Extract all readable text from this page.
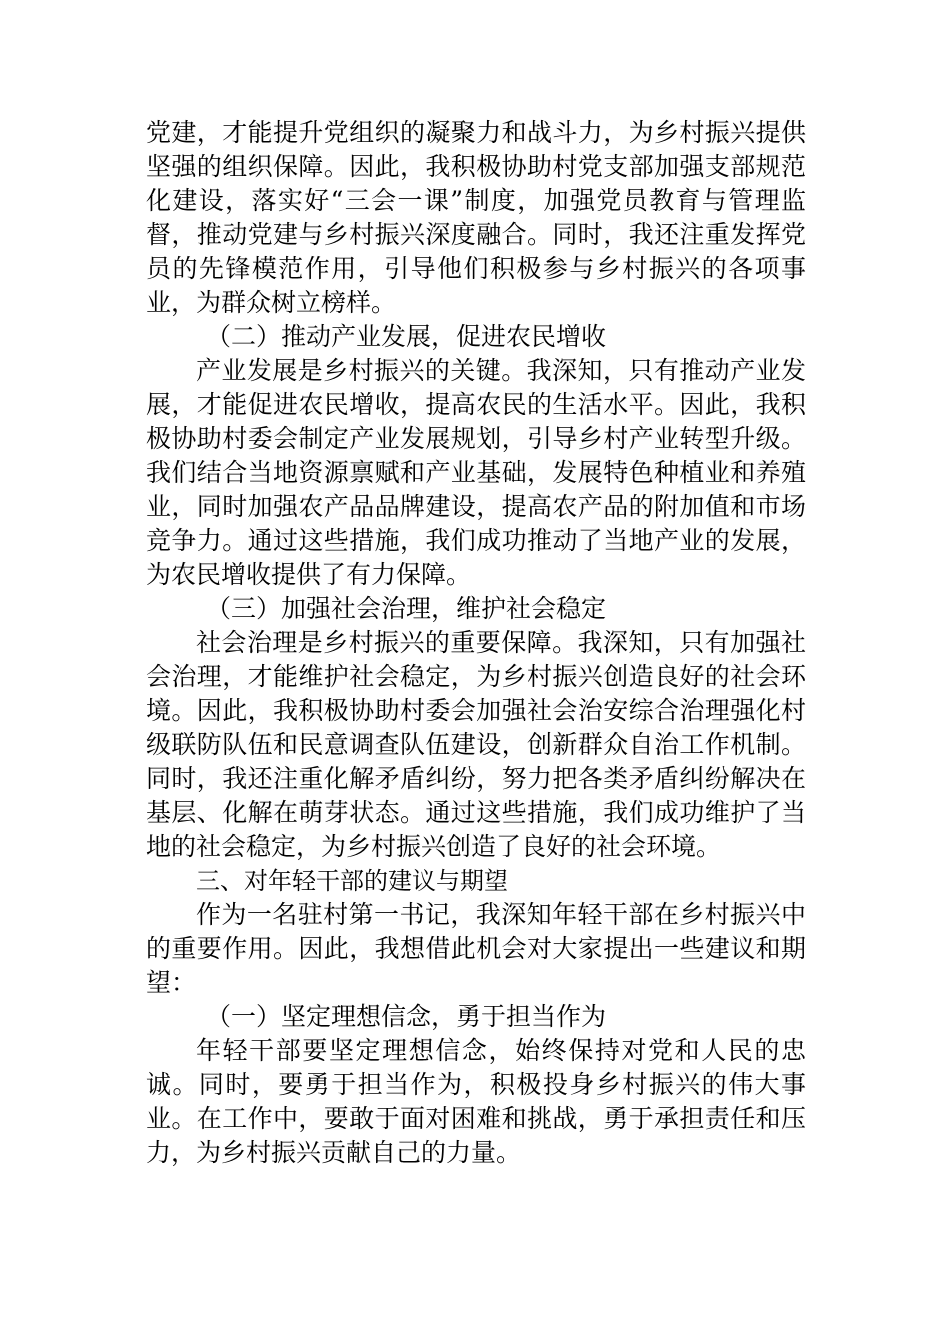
党建，才能提升党组织的凝聚力和战斗力，为乡村振兴提供坚强的组织保障。因此，我积极协助村党支部加强支部规范化建设，落实好“三会一课”制度，加强党员教育与管理监督，推动党建与乡村振兴深度融合。同时，我还注重发挥党员的先锋模范作用，引导他们积极参与乡村振兴的各项事业，为群众树立榜样。

（二）推动产业发展，促进农民增收

产业发展是乡村振兴的关键。我深知，只有推动产业发展，才能促进农民增收，提高农民的生活水平。因此，我积极协助村委会制定产业发展规划，引导乡村产业转型升级。我们结合当地资源禀赋和产业基础，发展特色种植业和养殖业，同时加强农产品品牌建设，提高农产品的附加值和市场竞争力。通过这些措施，我们成功推动了当地产业的发展，为农民增收提供了有力保障。

（三）加强社会治理，维护社会稳定

社会治理是乡村振兴的重要保障。我深知，只有加强社会治理，才能维护社会稳定，为乡村振兴创造良好的社会环境。因此，我积极协助村委会加强社会治安综合治理强化村级联防队伍和民意调查队伍建设，创新群众自治工作机制。同时，我还注重化解矛盾纠纷，努力把各类矛盾纠纷解决在基层、化解在萌芽状态。通过这些措施，我们成功维护了当地的社会稳定，为乡村振兴创造了良好的社会环境。

三、对年轻干部的建议与期望

作为一名驻村第一书记，我深知年轻干部在乡村振兴中的重要作用。因此，我想借此机会对大家提出一些建议和期望：

（一）坚定理想信念，勇于担当作为

年轻干部要坚定理想信念，始终保持对党和人民的忠诚。同时，要勇于担当作为，积极投身乡村振兴的伟大事业。在工作中，要敢于面对困难和挑战，勇于承担责任和压力，为乡村振兴贡献自己的力量。
